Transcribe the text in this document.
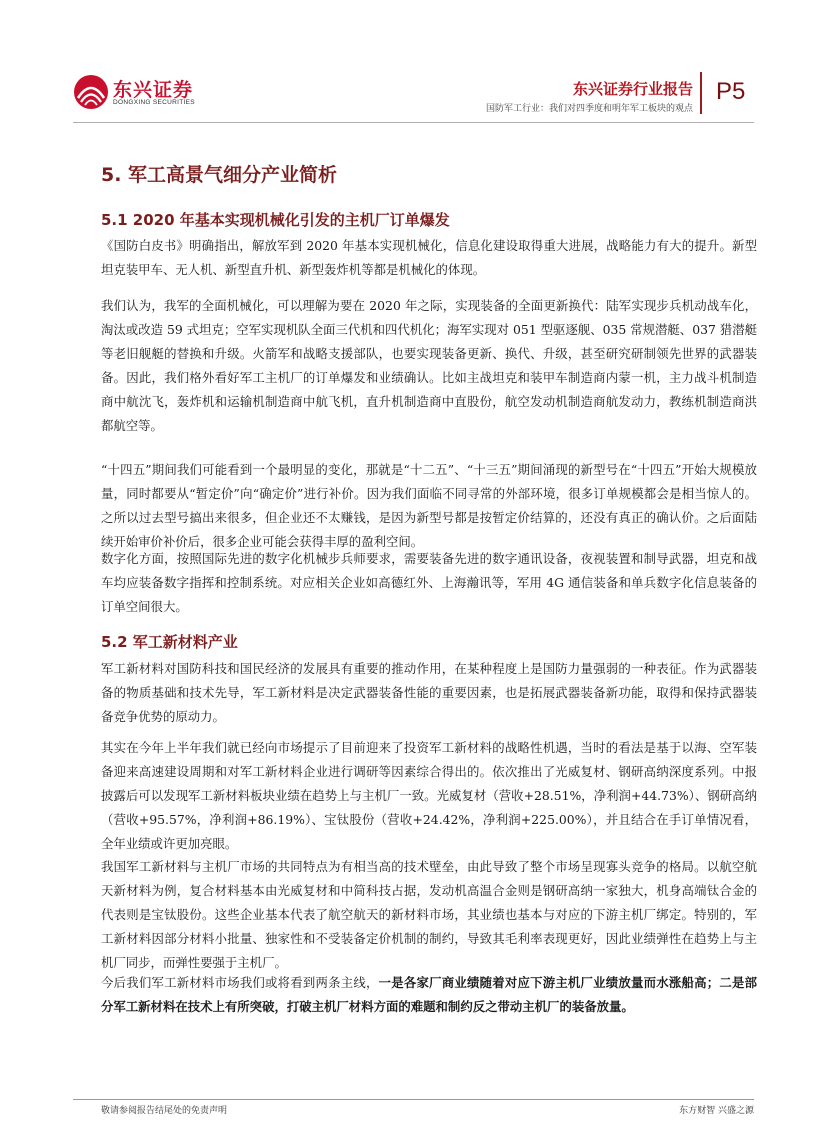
东兴证券
DONGXING SECURITIES
东兴证券行业报告
国防军工行业：我们对四季度和明年军工板块的观点
P5
5. 军工高景气细分产业简析
5.1 2020 年基本实现机械化引发的主机厂订单爆发

《国防白皮书》明确指出，解放军到 2020 年基本实现机械化，信息化建设取得重大进展，战略能力有大的提升。新型坦克装甲车、无人机、新型直升机、新型轰炸机等都是机械化的体现。

我们认为，我军的全面机械化，可以理解为要在 2020 年之际，实现装备的全面更新换代：陆军实现步兵机动战车化，淘汰或改造 59 式坦克；空军实现机队全面三代机和四代机化；海军实现对 051 型驱逐舰、035 常规潜艇、037 猎潜艇等老旧舰艇的替换和升级。火箭军和战略支援部队，也要实现装备更新、换代、升级，甚至研究研制领先世界的武器装备。因此，我们格外看好军工主机厂的订单爆发和业绩确认。比如主战坦克和装甲车制造商内蒙一机，主力战斗机制造商中航沈飞，轰炸机和运输机制造商中航飞机，直升机制造商中直股份，航空发动机制造商航发动力，教练机制造商洪都航空等。

“十四五”期间我们可能看到一个最明显的变化，那就是“十二五”、“十三五”期间涌现的新型号在“十四五”开始大规模放量，同时都要从“暂定价”向“确定价”进行补价。因为我们面临不同寻常的外部环境，很多订单规模都会是相当惊人的。之所以过去型号搞出来很多，但企业还不太赚钱，是因为新型号都是按暂定价结算的，还没有真正的确认价。之后面陆续开始审价补价后，很多企业可能会获得丰厚的盈利空间。

数字化方面，按照国际先进的数字化机械步兵师要求，需要装备先进的数字通讯设备，夜视装置和制导武器，坦克和战车均应装备数字指挥和控制系统。对应相关企业如高德红外、上海瀚讯等，军用 4G 通信装备和单兵数字化信息装备的订单空间很大。

5.2 军工新材料产业

军工新材料对国防科技和国民经济的发展具有重要的推动作用，在某种程度上是国防力量强弱的一种表征。作为武器装备的物质基础和技术先导，军工新材料是决定武器装备性能的重要因素，也是拓展武器装备新功能，取得和保持武器装备竞争优势的原动力。

其实在今年上半年我们就已经向市场提示了目前迎来了投资军工新材料的战略性机遇，当时的看法是基于以海、空军装备迎来高速建设周期和对军工新材料企业进行调研等因素综合得出的。依次推出了光威复材、钢研高纳深度系列。中报披露后可以发现军工新材料板块业绩在趋势上与主机厂一致。光威复材（营收+28.51%，净利润+44.73%）、钢研高纳（营收+95.57%，净利润+86.19%）、宝钛股份（营收+24.42%，净利润+225.00%），并且结合在手订单情况看，全年业绩或许更加亮眼。

我国军工新材料与主机厂市场的共同特点为有相当高的技术壁垒，由此导致了整个市场呈现寡头竞争的格局。以航空航天新材料为例，复合材料基本由光威复材和中简科技占据，发动机高温合金则是钢研高纳一家独大，机身高端钛合金的代表则是宝钛股份。这些企业基本代表了航空航天的新材料市场，其业绩也基本与对应的下游主机厂绑定。特别的，军工新材料因部分材料小批量、独家性和不受装备定价机制的制约，导致其毛利率表现更好，因此业绩弹性在趋势上与主机厂同步，而弹性要强于主机厂。

今后我们军工新材料市场我们或将看到两条主线，一是各家厂商业绩随着对应下游主机厂业绩放量而水涨船高；二是部分军工新材料在技术上有所突破，打破主机厂材料方面的难题和制约反之带动主机厂的装备放量。

敬请参阅报告结尾处的免责声明	东方财智 兴盛之源
